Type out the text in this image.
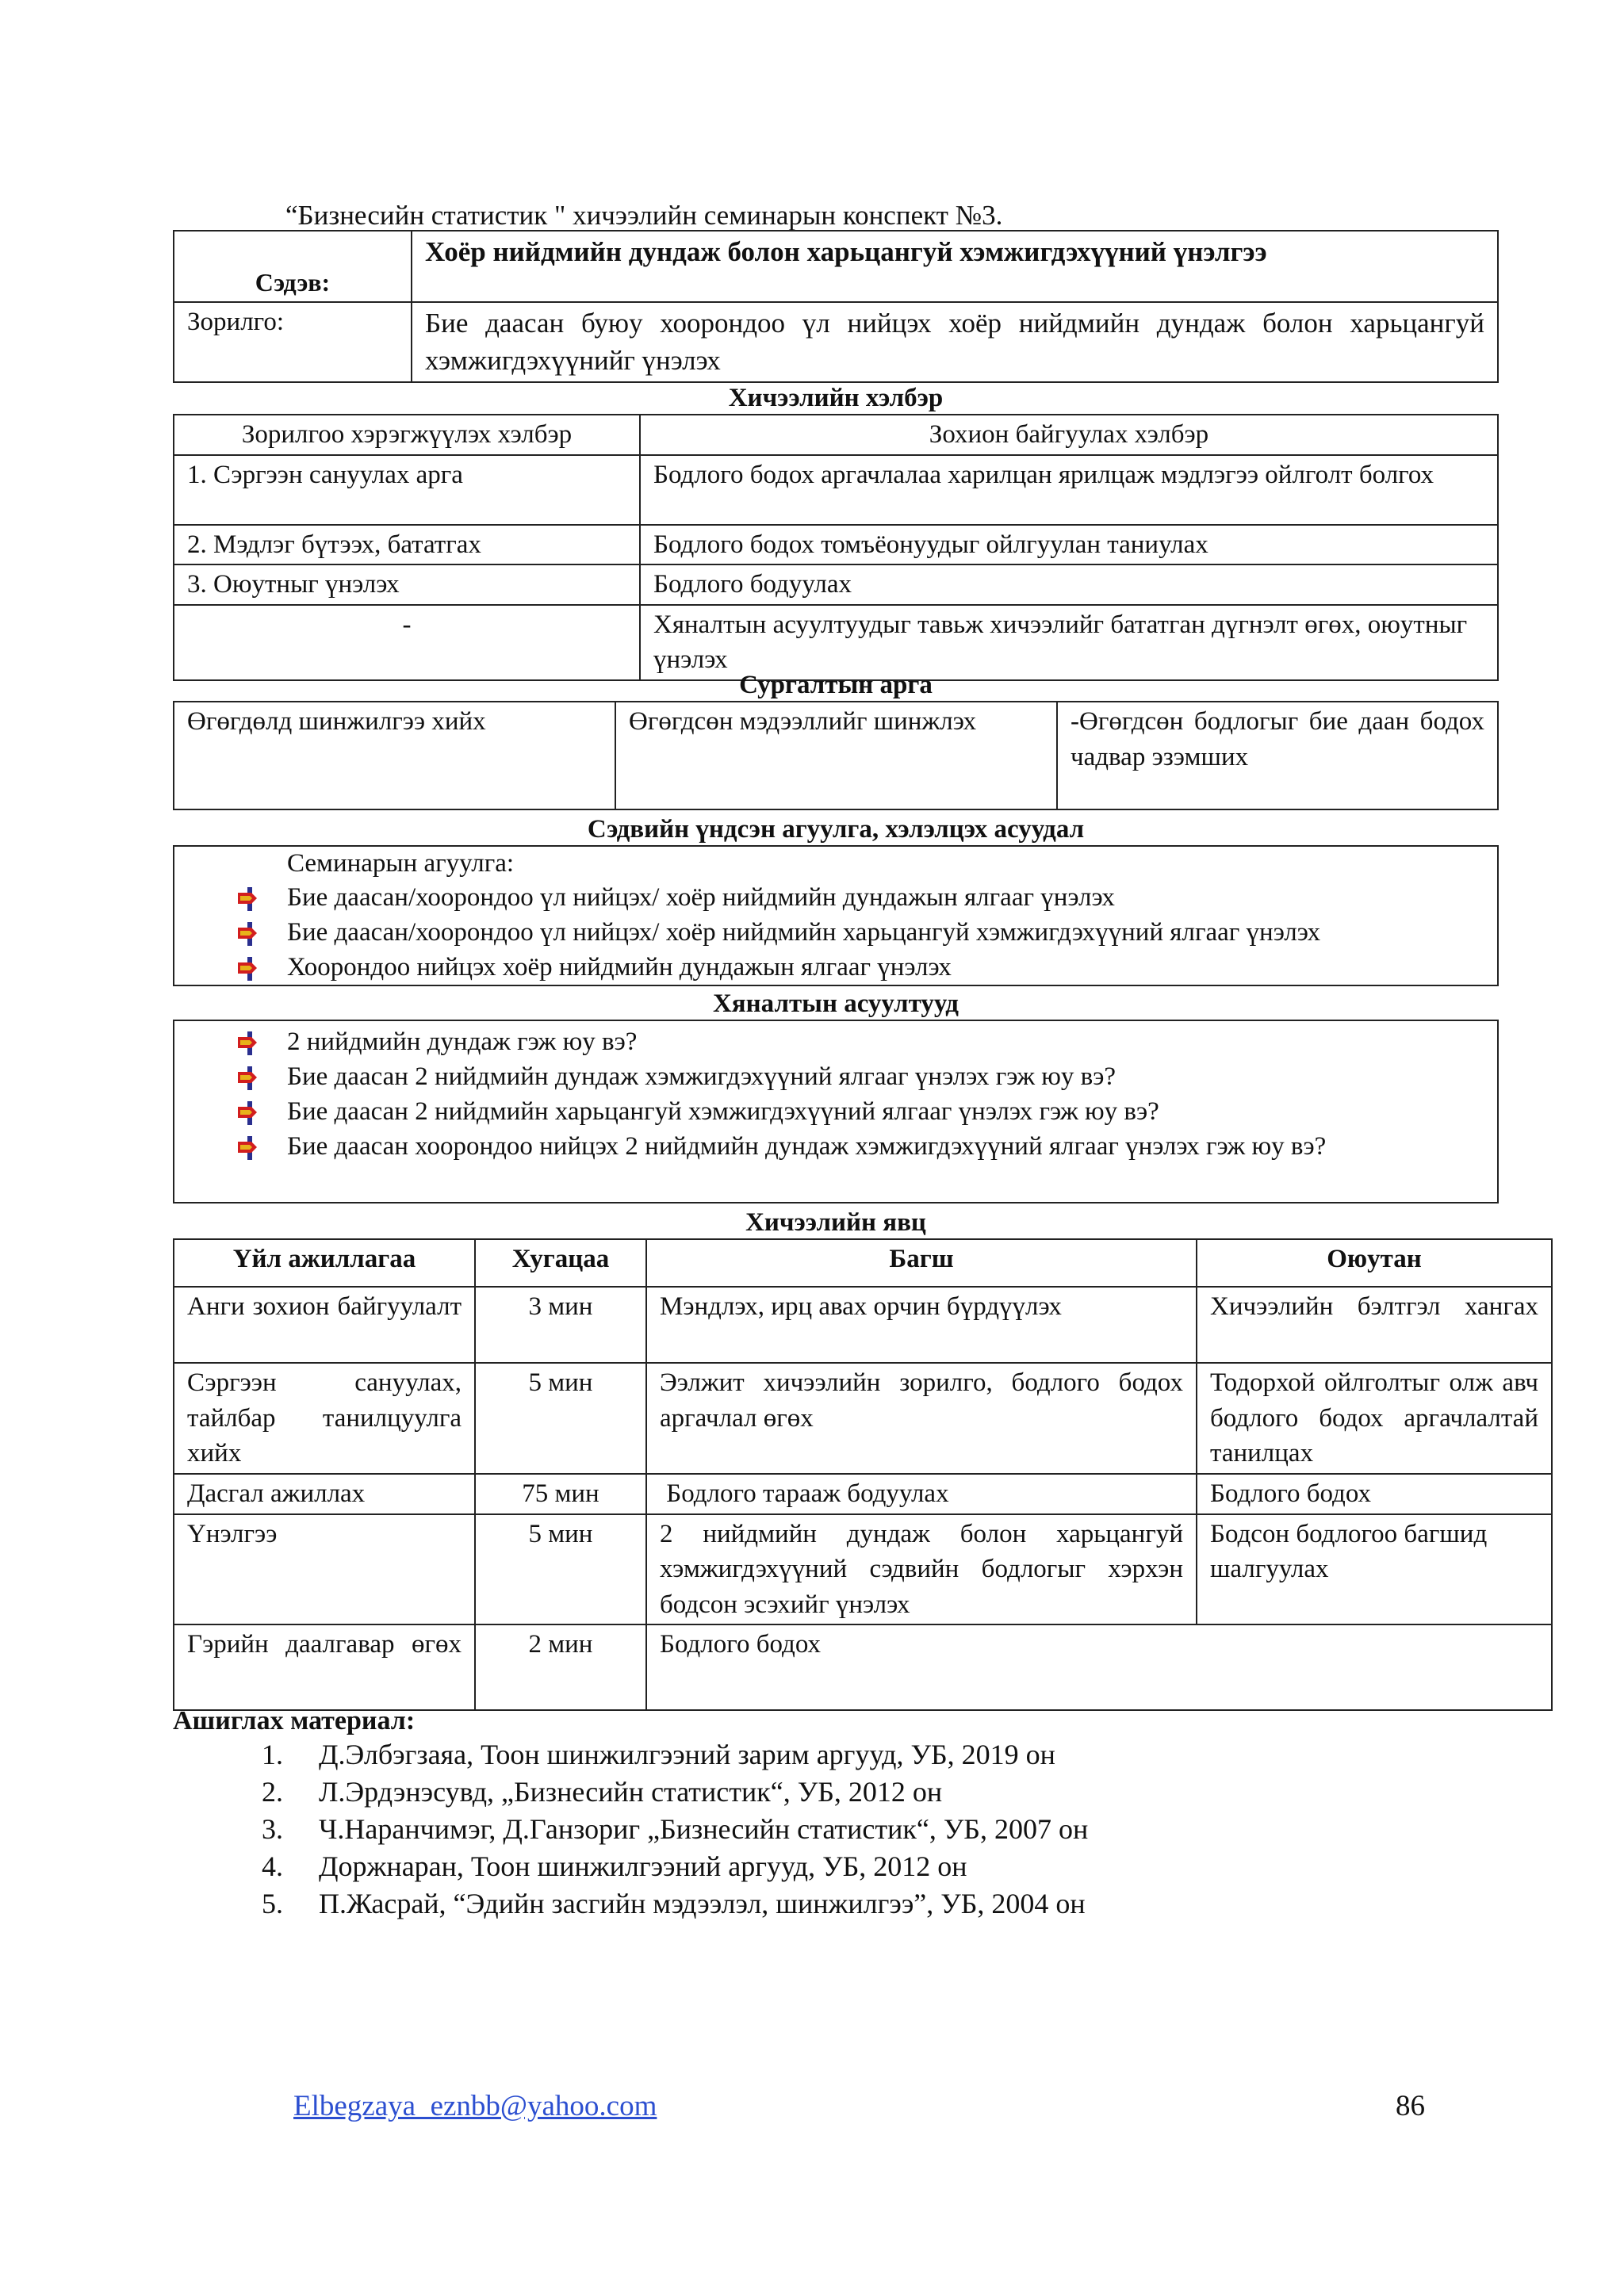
“Бизнесийн статистик " хичээлийн семинарын конспект №3.
Сэдэв:	Хоёр нийдмийн дундаж болон харьцангуй хэмжигдэхүүний үнэлгээ
Зорилго:	Бие даасан буюу хоорондоо үл нийцэх хоёр нийдмийн дундаж болон харьцангуй хэмжигдэхүүнийг үнэлэх
Хичээлийн хэлбэр
Зорилгоо хэрэгжүүлэх хэлбэр	Зохион байгуулах хэлбэр
1. Сэргээн сануулах арга	Бодлого бодох аргачлалаа харилцан ярилцаж мэдлэгээ ойлголт болгох
2. Мэдлэг бүтээх, бататгах	Бодлого бодох томъёонуудыг ойлгуулан таниулах
3. Оюутныг үнэлэх	Бодлого бодуулах
-	Хяналтын асуултуудыг тавьж хичээлийг бататган дүгнэлт өгөх, оюутныг үнэлэх
Сургалтын арга
Өгөгдөлд шинжилгээ хийх	Өгөгдсөн мэдээллийг шинжлэх	-Өгөгдсөн бодлогыг бие даан бодох чадвар эзэмших
Сэдвийн үндсэн агуулга, хэлэлцэх асуудал
Семинарын агуулга:
Бие даасан/хоорондоо үл нийцэх/ хоёр нийдмийн дундажын ялгааг үнэлэх
Бие даасан/хоорондоо үл нийцэх/ хоёр нийдмийн харьцангуй хэмжигдэхүүний ялгааг үнэлэх
Хоорондоо нийцэх хоёр нийдмийн дундажын ялгааг үнэлэх
Хяналтын асуултууд
2 нийдмийн дундаж гэж юу вэ?
Бие даасан 2 нийдмийн дундаж хэмжигдэхүүний ялгааг үнэлэх гэж юу вэ?
Бие даасан 2 нийдмийн харьцангуй хэмжигдэхүүний ялгааг үнэлэх гэж юу вэ?
Бие даасан хоорондоо нийцэх 2 нийдмийн дундаж хэмжигдэхүүний ялгааг үнэлэх гэж юу вэ?
Хичээлийн явц
Үйл ажиллагаа	Хугацаа	Багш	Оюутан
Анги зохион байгуулалт	3 мин	Мэндлэх, ирц авах орчин бүрдүүлэх	Хичээлийн бэлтгэл хангах
Сэргээн сануулах, тайлбар танилцуулга хийх	5 мин	Ээлжит хичээлийн зорилго, бодлого бодох аргачлал өгөх	Тодорхой ойлголтыг олж авч бодлого бодох аргачлалтай танилцах
Дасгал ажиллах	75 мин	Бодлого тарааж бодуулах	Бодлого бодох
Үнэлгээ	5 мин	2 нийдмийн дундаж болон харьцангуй хэмжигдэхүүний сэдвийн бодлогыг хэрхэн бодсон эсэхийг үнэлэх	Бодсон бодлогоо багшид шалгуулах
Гэрийн даалгавар өгөх	2 мин	Бодлого бодох	
Ашиглах материал:
1. Д.Элбэгзаяа, Тоон шинжилгээний зарим аргууд, УБ, 2019 он
2. Л.Эрдэнэсувд, „Бизнесийн статистик“, УБ, 2012 он
3. Ч.Наранчимэг, Д.Ганзориг „Бизнесийн статистик“, УБ, 2007 он
4. Доржнаран, Тоон шинжилгээний аргууд, УБ, 2012 он
5. П.Жасрай, “Эдийн засгийн мэдээлэл, шинжилгээ”, УБ, 2004 он
Elbegzaya_eznbb@yahoo.com	86
